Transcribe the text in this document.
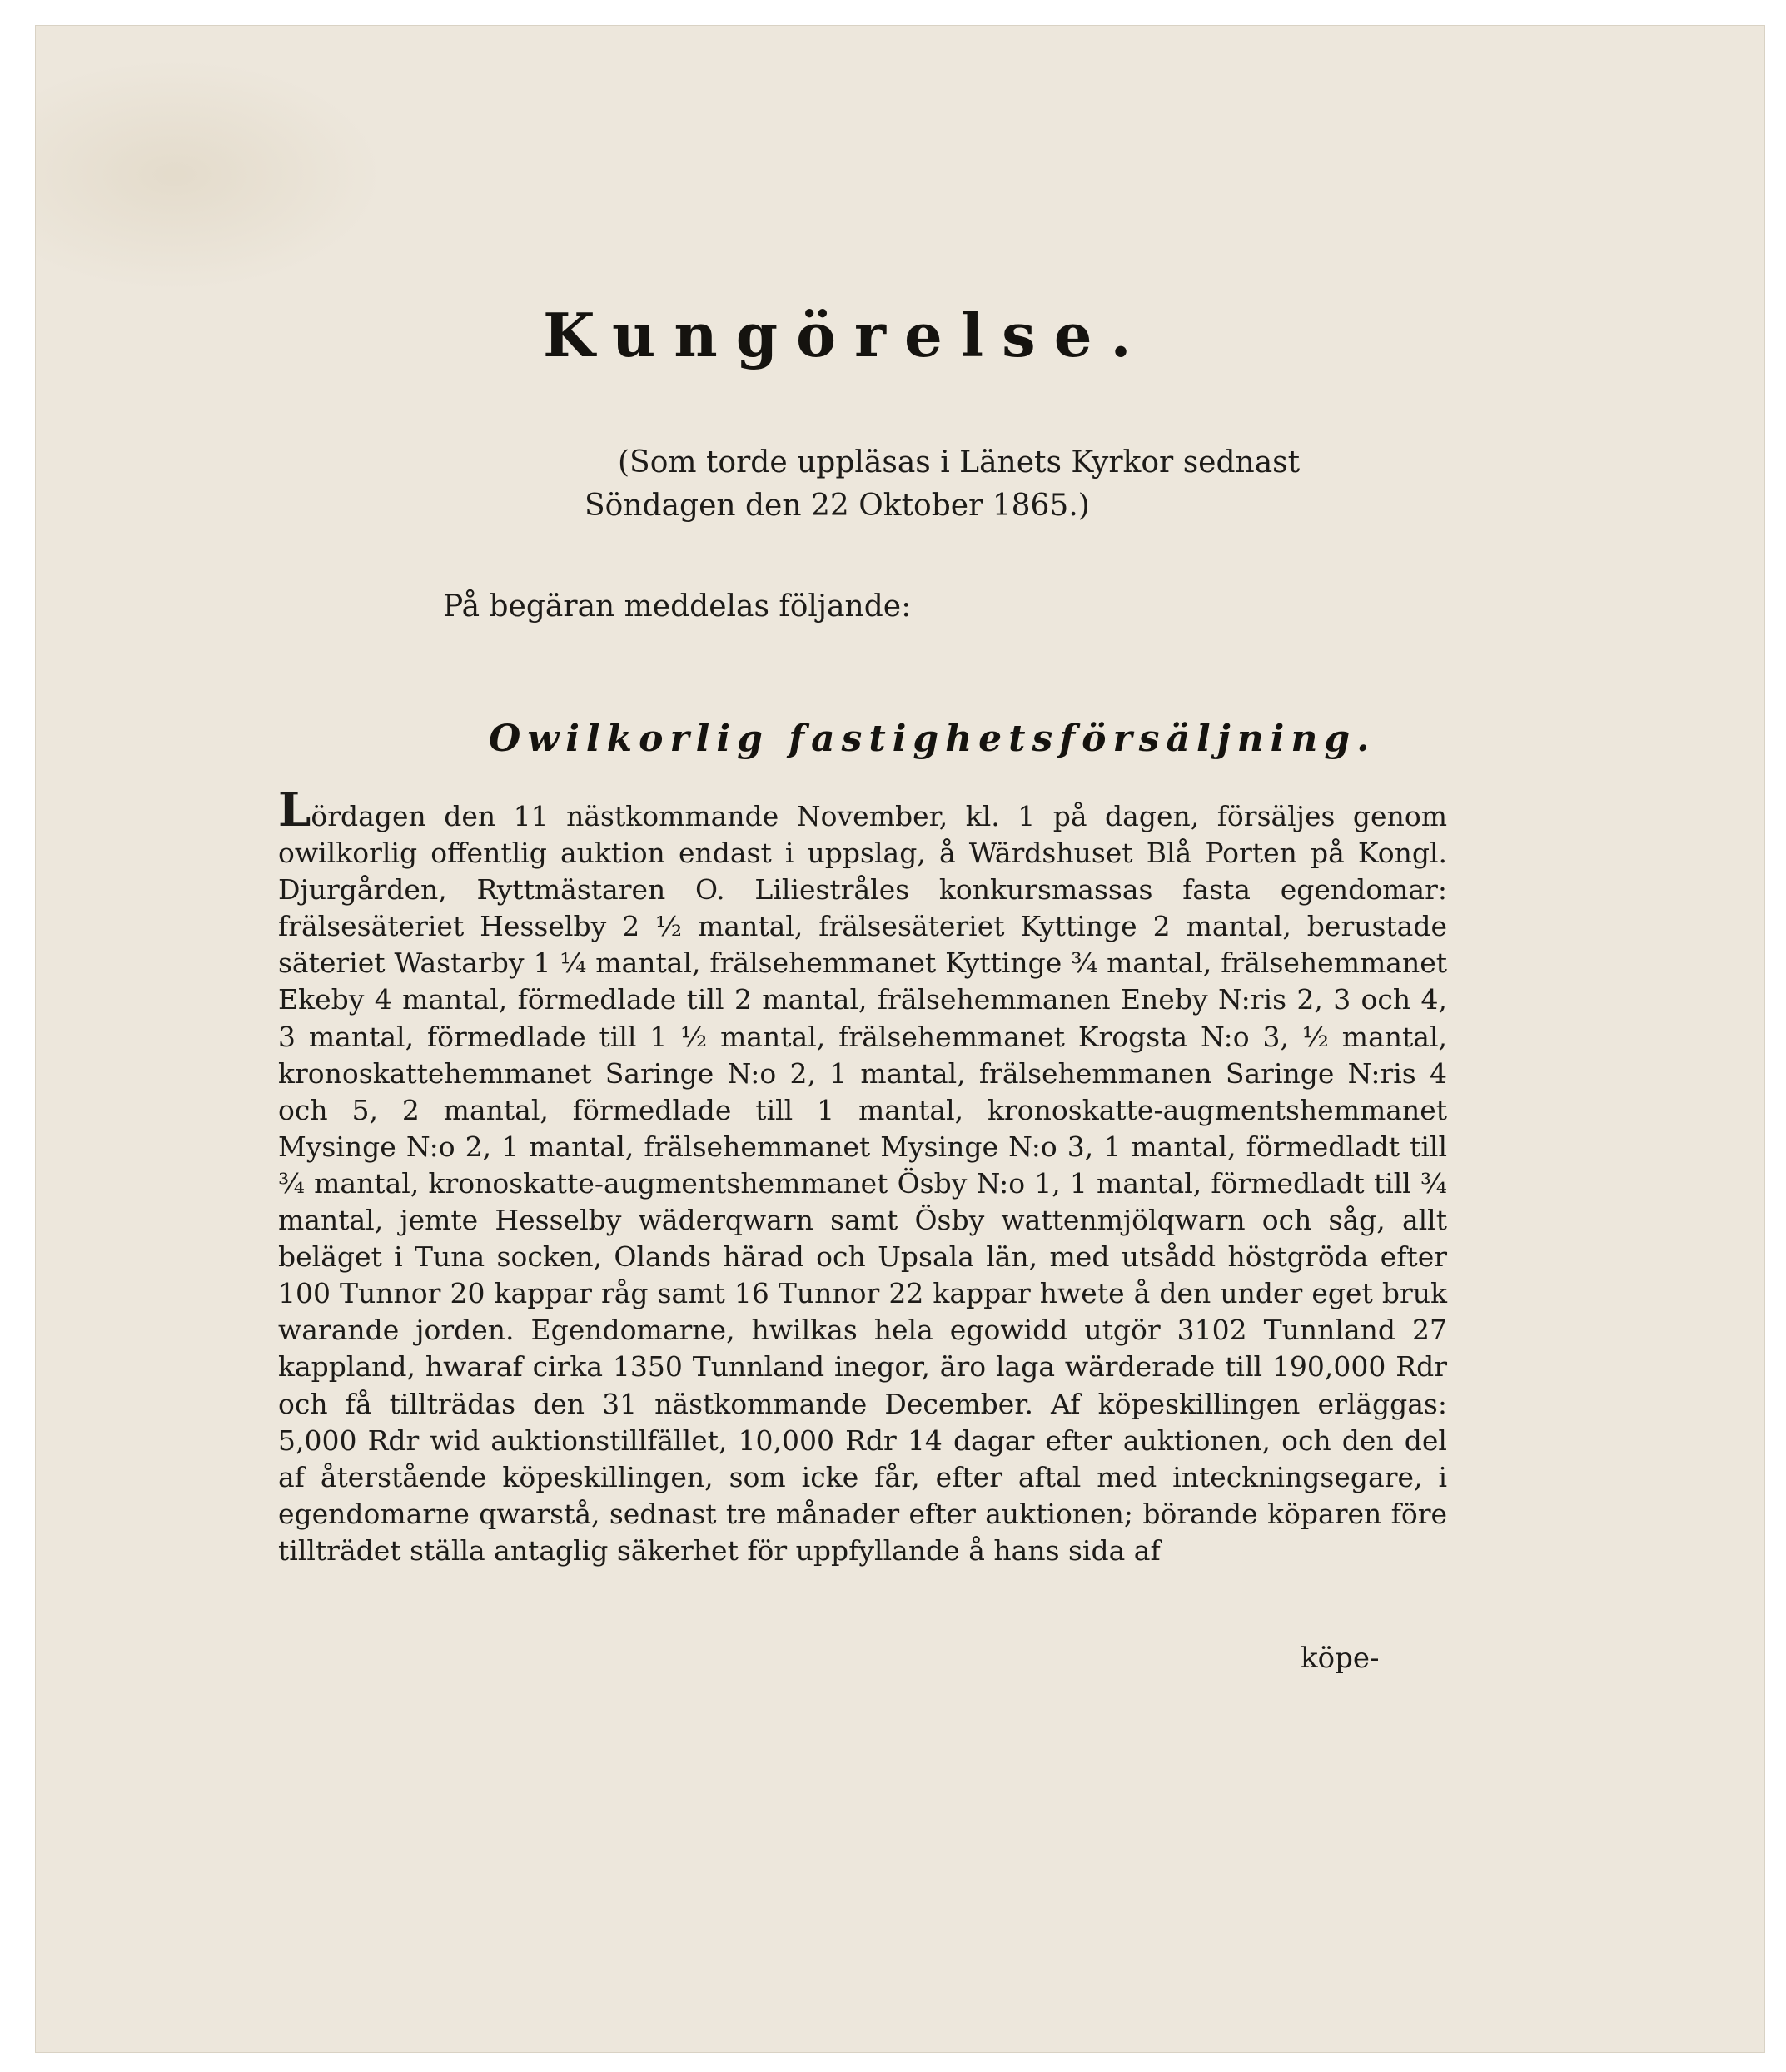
Kungörelse.
(Som torde uppläsas i Länets Kyrkor sednast Söndagen den 22 Oktober 1865.)
På begäran meddelas följande:
Owilkorlig fastighetsförsäljning.
Lördagen den 11 nästkommande November, kl. 1 på dagen, försäljes genom owilkorlig offentlig auktion endast i uppslag, å Wärdshuset Blå Porten på Kongl. Djurgården, Ryttmästaren O. Liliestråles konkursmassas fasta egendomar: frälsesäteriet Hesselby 2 ½ mantal, frälsesäteriet Kyttinge 2 mantal, berustade säteriet Wastarby 1 ¼ mantal, frälsehemmanet Kyttinge ¾ mantal, frälsehemmanet Ekeby 4 mantal, förmedlade till 2 mantal, frälsehemmanen Eneby N:ris 2, 3 och 4, 3 mantal, förmedlade till 1 ½ mantal, frälsehemmanet Krogsta N:o 3, ½ mantal, kronoskattehemmanet Saringe N:o 2, 1 mantal, frälsehemmanen Saringe N:ris 4 och 5, 2 mantal, förmedlade till 1 mantal, kronoskatte-augmentshemmanet Mysinge N:o 2, 1 mantal, frälsehemmanet Mysinge N:o 3, 1 mantal, förmedladt till ¾ mantal, kronoskatte-augmentshemmanet Ösby N:o 1, 1 mantal, förmedladt till ¾ mantal, jemte Hesselby wäderqwarn samt Ösby wattenmjölqwarn och såg, allt beläget i Tuna socken, Olands härad och Upsala län, med utsådd höstgröda efter 100 Tunnor 20 kappar råg samt 16 Tunnor 22 kappar hwete å den under eget bruk warande jorden. Egendomarne, hwilkas hela egowidd utgör 3102 Tunnland 27 kappland, hwaraf cirka 1350 Tunnland inegor, äro laga wärderade till 190,000 Rdr och få tillträdas den 31 nästkommande December. Af köpeskillingen erläggas: 5,000 Rdr wid auktionstillfället, 10,000 Rdr 14 dagar efter auktionen, och den del af återstående köpeskillingen, som icke får, efter aftal med inteckningsegare, i egendomarne qwarstå, sednast tre månader efter auktionen; börande köparen före tillträdet ställa antaglig säkerhet för uppfyllande å hans sida af
köpe-
